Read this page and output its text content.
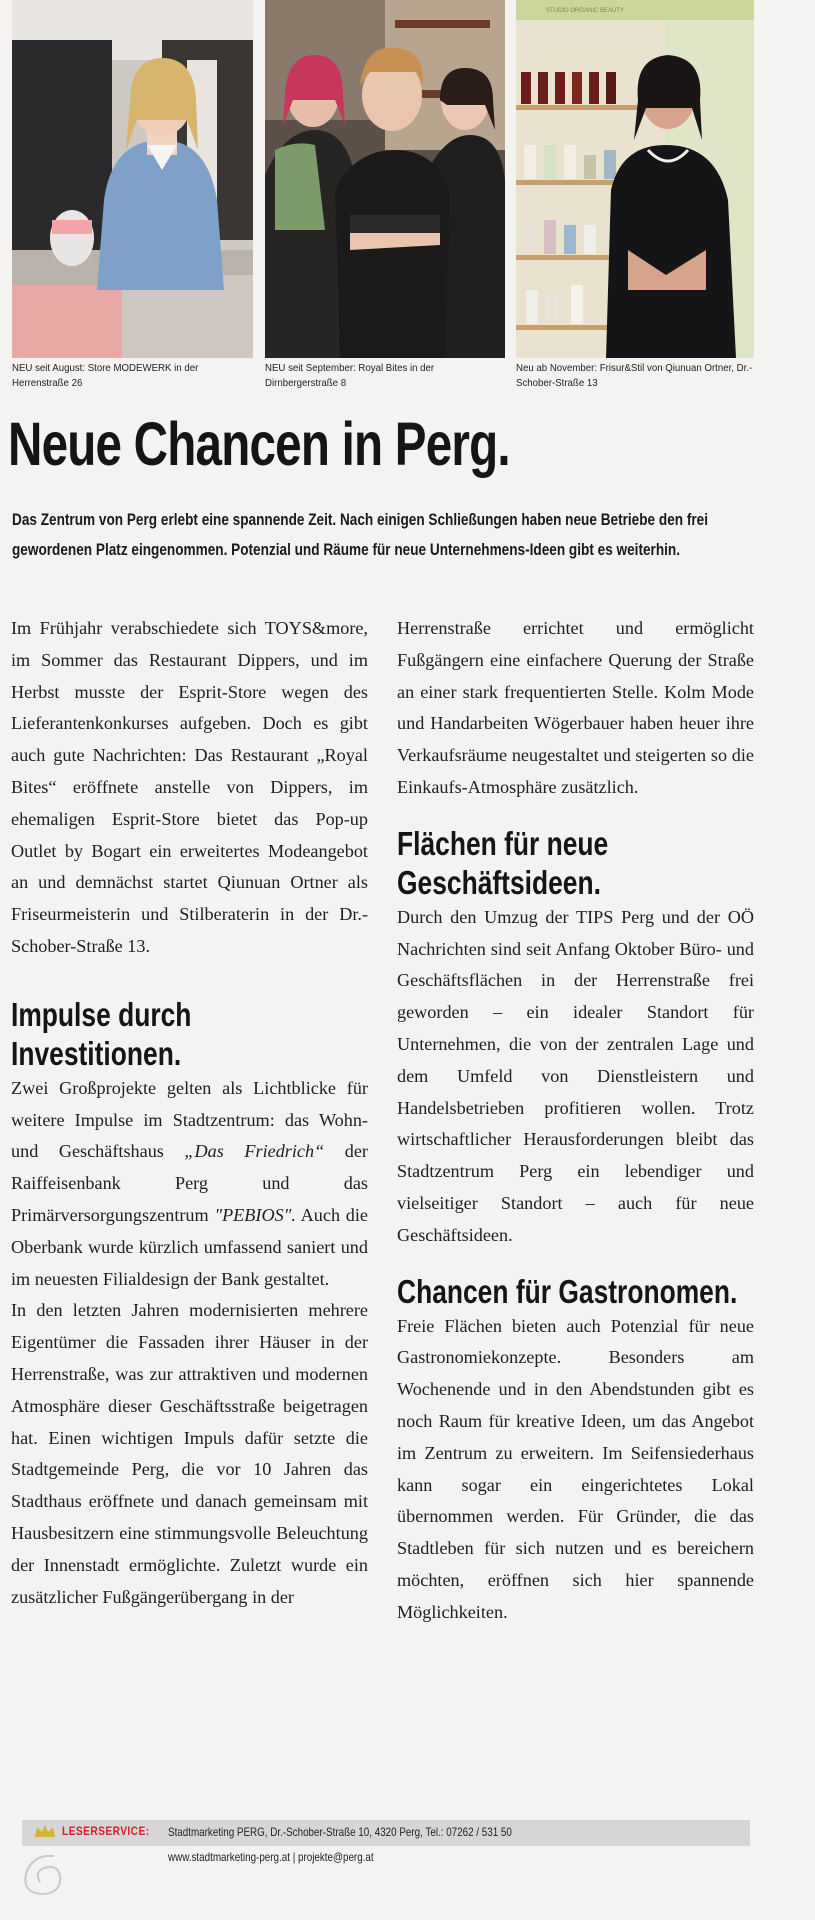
STUDIO ORGANIC BEAUTY
NEU seit August: Store MODEWERK in der Herrenstraße 26
NEU seit September: Royal Bites in der Dirnbergerstraße 8
Neu ab November: Frisur&Stil von Qiunuan Ortner, Dr.-Schober-Straße 13
Neue Chancen in Perg.

Das Zentrum von Perg erlebt eine spannende Zeit. Nach einigen Schließungen haben neue Betriebe den frei gewordenen Platz eingenommen. Potenzial und Räume für neue Unternehmens-Ideen gibt es weiterhin.

Im Frühjahr verabschiedete sich TOYS&more, im Sommer das Restaurant Dippers, und im Herbst musste der Esprit-Store wegen des Lieferantenkonkurses aufgeben. Doch es gibt auch gute Nachrichten: Das Restaurant „Royal Bites“ eröffnete anstelle von Dippers, im ehemaligen Esprit-Store bietet das Pop-up Outlet by Bogart ein erweitertes Modeangebot an und demnächst startet Qiunuan Ortner als Friseurmeisterin und Stilberaterin in der Dr.-Schober-Straße 13.

Impulse durch Investitionen.

Zwei Großprojekte gelten als Lichtblicke für weitere Impulse im Stadtzentrum: das Wohn- und Geschäftshaus „Das Friedrich“ der Raiffeisenbank Perg und das Primärversorgungszentrum "PEBIOS". Auch die Oberbank wurde kürzlich umfassend saniert und im neuesten Filialdesign der Bank gestaltet.

In den letzten Jahren modernisierten mehrere Eigentümer die Fassaden ihrer Häuser in der Herrenstraße, was zur attraktiven und modernen Atmosphäre dieser Geschäftsstraße beigetragen hat. Einen wichtigen Impuls dafür setzte die Stadtgemeinde Perg, die vor 10 Jahren das Stadthaus eröffnete und danach gemeinsam mit Hausbesitzern eine stimmungsvolle Beleuchtung der Innenstadt ermöglichte. Zuletzt wurde ein zusätzlicher Fußgängerübergang in der

Herrenstraße errichtet und ermöglicht Fußgängern eine einfachere Querung der Straße an einer stark frequentierten Stelle. Kolm Mode und Handarbeiten Wögerbauer haben heuer ihre Verkaufsräume neugestaltet und steigerten so die Einkaufs-Atmosphäre zusätzlich.

Flächen für neue Geschäftsideen.

Durch den Umzug der TIPS Perg und der OÖ Nachrichten sind seit Anfang Oktober Büro- und Geschäftsflächen in der Herrenstraße frei geworden – ein idealer Standort für Unternehmen, die von der zentralen Lage und dem Umfeld von Dienstleistern und Handelsbetrieben profitieren wollen. Trotz wirtschaftlicher Herausforderungen bleibt das Stadtzentrum Perg ein lebendiger und vielseitiger Standort – auch für neue Geschäftsideen.

Chancen für Gastronomen.

Freie Flächen bieten auch Potenzial für neue Gastronomiekonzepte. Besonders am Wochenende und in den Abendstunden gibt es noch Raum für kreative Ideen, um das Angebot im Zentrum zu erweitern. Im Seifensiederhaus kann sogar ein eingerichtetes Lokal übernommen werden. Für Gründer, die das Stadtleben für sich nutzen und es bereichern möchten, eröffnen sich hier spannende Möglichkeiten.

LESERSERVICE: Stadtmarketing PERG, Dr.-Schober-Straße 10, 4320 Perg, Tel.: 07262 / 531 50
www.stadtmarketing-perg.at | projekte@perg.at
